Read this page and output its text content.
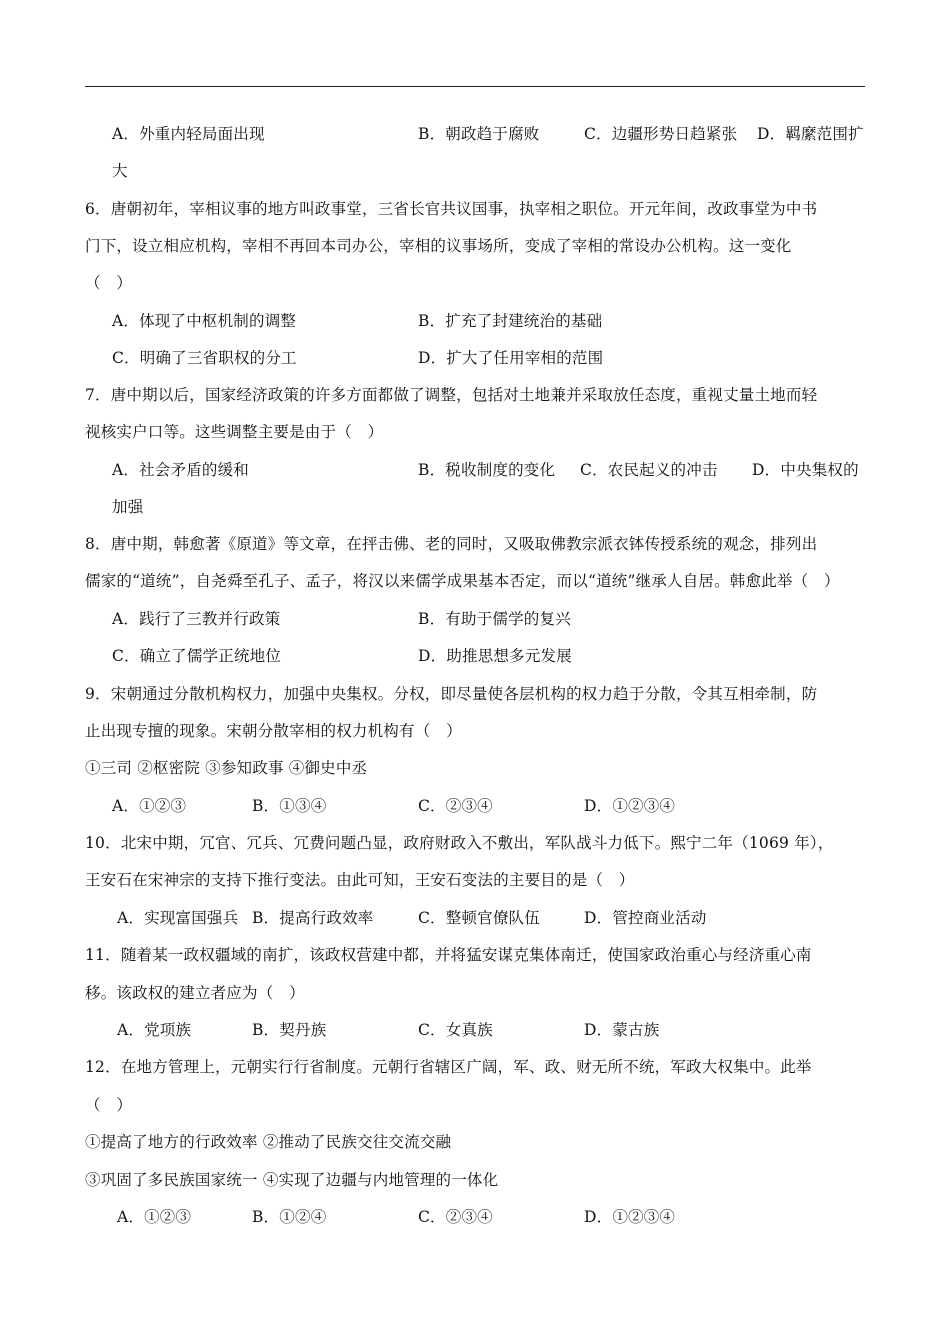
A．外重内轻局面出现	B．朝政趋于腐败	C．边疆形势日趋紧张 D．羁縻范围扩
大
6．唐朝初年，宰相议事的地方叫政事堂，三省长官共议国事，执宰相之职位。开元年间，改政事堂为中书
门下，设立相应机构，宰相不再回本司办公，宰相的议事场所，变成了宰相的常设办公机构。这一变化
（　）
A．体现了中枢机制的调整	B．扩充了封建统治的基础
C．明确了三省职权的分工	D．扩大了任用宰相的范围
7．唐中期以后，国家经济政策的许多方面都做了调整，包括对土地兼并采取放任态度，重视丈量土地而轻
视核实户口等。这些调整主要是由于（　）
A．社会矛盾的缓和	B．税收制度的变化 C．农民起义的冲击 D．中央集权的
加强
8．唐中期，韩愈著《原道》等文章，在抨击佛、老的同时，又吸取佛教宗派衣钵传授系统的观念，排列出
儒家的“道统”，自尧舜至孔子、孟子，将汉以来儒学成果基本否定，而以“道统”继承人自居。韩愈此举（　）
A．践行了三教并行政策	B．有助于儒学的复兴
C．确立了儒学正统地位	D．助推思想多元发展
9．宋朝通过分散机构权力，加强中央集权。分权，即尽量使各层机构的权力趋于分散，令其互相牵制，防
止出现专擅的现象。宋朝分散宰相的权力机构有（　）
①三司 ②枢密院 ③参知政事 ④御史中丞
A．①②③	B．①③④	C．②③④	D．①②③④
10．北宋中期，冗官、冗兵、冗费问题凸显，政府财政入不敷出，军队战斗力低下。熙宁二年（1069 年），
王安石在宋神宗的支持下推行变法。由此可知，王安石变法的主要目的是（　）
A．实现富国强兵 B．提高行政效率	C．整顿官僚队伍	D．管控商业活动
11．随着某一政权疆域的南扩，该政权营建中都，并将猛安谋克集体南迁，使国家政治重心与经济重心南
移。该政权的建立者应为（　）
A．党项族	B．契丹族	C．女真族	D．蒙古族
12．在地方管理上，元朝实行行省制度。元朝行省辖区广阔，军、政、财无所不统，军政大权集中。此举
（　）
①提高了地方的行政效率 ②推动了民族交往交流交融
③巩固了多民族国家统一 ④实现了边疆与内地管理的一体化
A．①②③	B．①②④	C．②③④	D．①②③④
